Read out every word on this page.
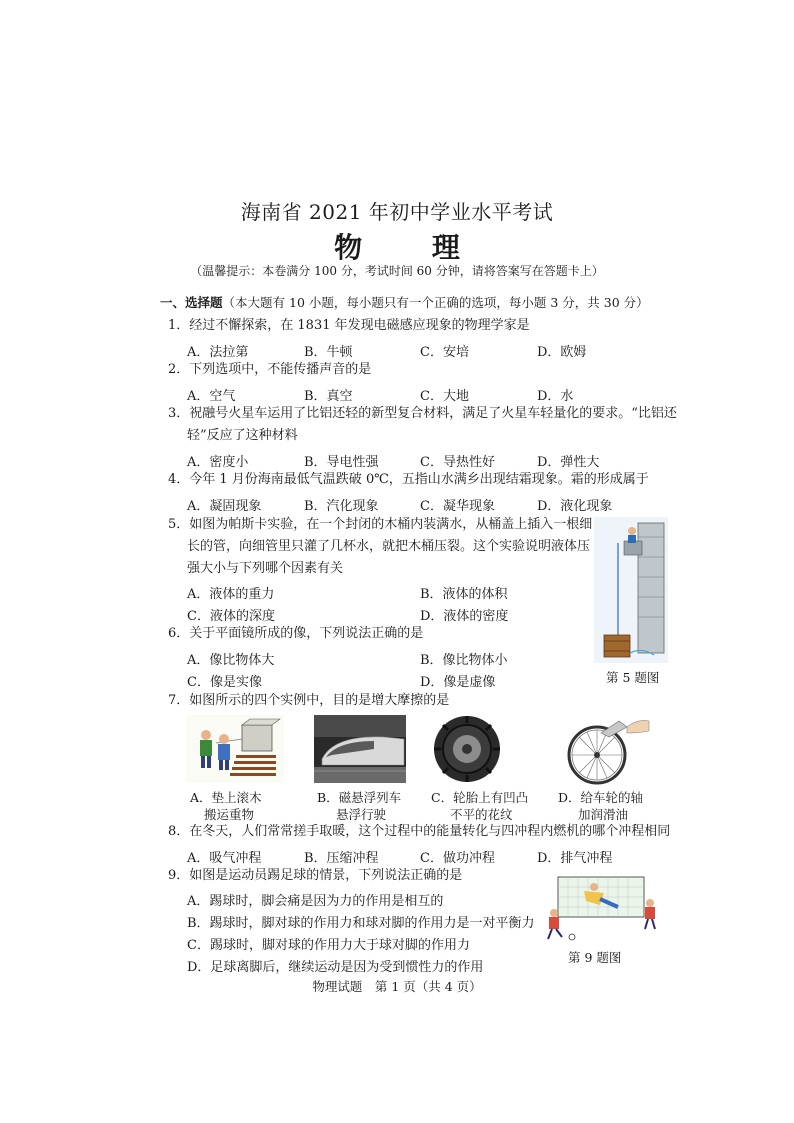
海南省 2021 年初中学业水平考试
物 理
（温馨提示：本卷满分 100 分，考试时间 60 分钟，请将答案写在答题卡上）
一、选择题（本大题有 10 小题，每小题只有一个正确的选项，每小题 3 分，共 30 分）
1．经过不懈探索，在 1831 年发现电磁感应现象的物理学家是
A．法拉第	B．牛顿	C．安培	D．欧姆
2．下列选项中，不能传播声音的是
A．空气	B．真空	C．大地	D．水
3．祝融号火星车运用了比铝还轻的新型复合材料，满足了火星车轻量化的要求。“比铝还
轻”反应了这种材料
A．密度小	B．导电性强	C．导热性好	D．弹性大
4．今年 1 月份海南最低气温跌破 0℃，五指山水满乡出现结霜现象。霜的形成属于
A．凝固现象	B．汽化现象	C．凝华现象	D．液化现象
5．如图为帕斯卡实验，在一个封闭的木桶内装满水，从桶盖上插入一根细
长的管，向细管里只灌了几杯水，就把木桶压裂。这个实验说明液体压
强大小与下列哪个因素有关
A．液体的重力	B．液体的体积
C．液体的深度	D．液体的密度
第 5 题图
6．关于平面镜所成的像，下列说法正确的是
A．像比物体大	B．像比物体小
C．像是实像	D．像是虚像
7．如图所示的四个实例中，目的是增大摩擦的是
A．垫上滚木
搬运重物
B．磁悬浮列车
悬浮行驶
C．轮胎上有凹凸
不平的花纹
D．给车轮的轴
加润滑油
8．在冬天，人们常常搓手取暖，这个过程中的能量转化与四冲程内燃机的哪个冲程相同
A．吸气冲程	B．压缩冲程	C．做功冲程	D．排气冲程
9．如图是运动员踢足球的情景，下列说法正确的是
A．踢球时，脚会痛是因为力的作用是相互的
B．踢球时，脚对球的作用力和球对脚的作用力是一对平衡力
C．踢球时，脚对球的作用力大于球对脚的作用力
D．足球离脚后，继续运动是因为受到惯性力的作用
第 9 题图
物理试题　第 1 页（共 4 页）
